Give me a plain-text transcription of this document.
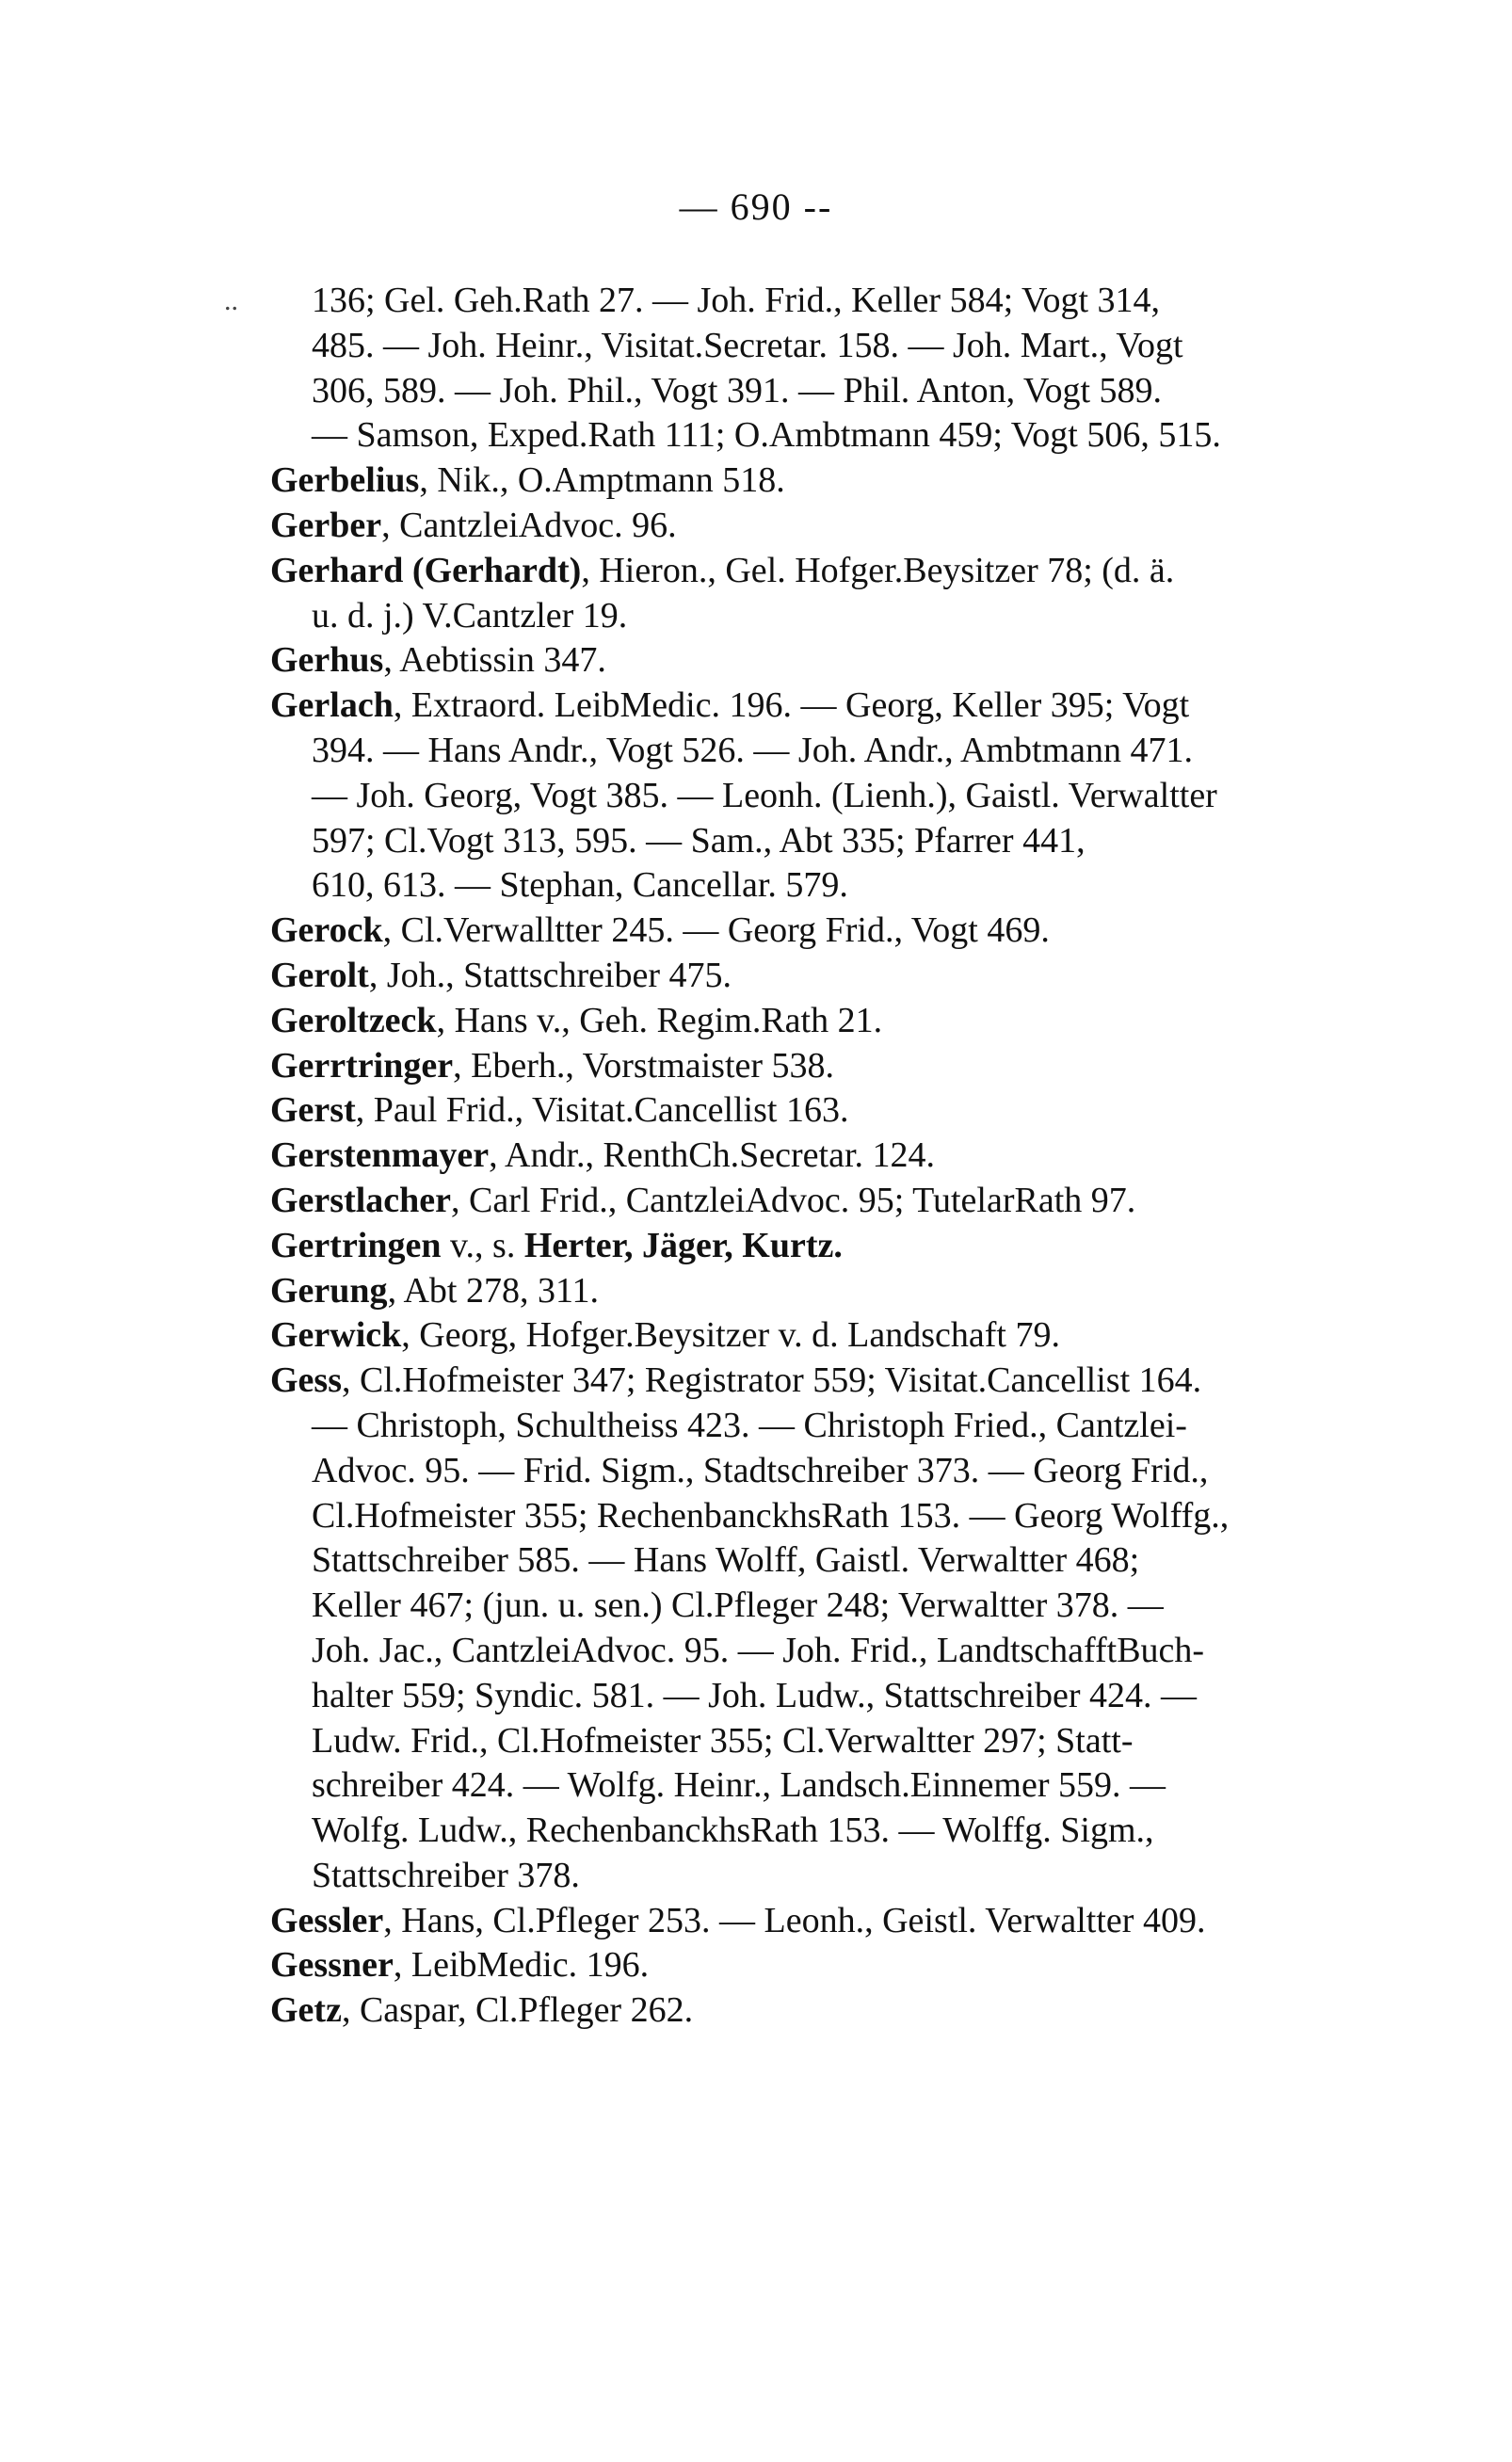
— 690 --
..	136; Gel. Geh.Rath 27. — Joh. Frid., Keller 584; Vogt 314,
485. — Joh. Heinr., Visitat.Secretar. 158. — Joh. Mart., Vogt
306, 589. — Joh. Phil., Vogt 391. — Phil. Anton, Vogt 589.
— Samson, Exped.Rath 111; O.Ambtmann 459; Vogt 506, 515.
Gerbelius, Nik., O.Amptmann 518.
Gerber, CantzleiAdvoc. 96.
Gerhard (Gerhardt), Hieron., Gel. Hofger.Beysitzer 78; (d. ä.
u. d. j.) V.Cantzler 19.
Gerhus, Aebtissin 347.
Gerlach, Extraord. LeibMedic. 196. — Georg, Keller 395; Vogt
394. — Hans Andr., Vogt 526. — Joh. Andr., Ambtmann 471.
— Joh. Georg, Vogt 385. — Leonh. (Lienh.), Gaistl. Verwaltter
597; Cl.Vogt 313, 595. — Sam., Abt 335; Pfarrer 441,
610, 613. — Stephan, Cancellar. 579.
Gerock, Cl.Verwalltter 245. — Georg Frid., Vogt 469.
Gerolt, Joh., Stattschreiber 475.
Geroltzeck, Hans v., Geh. Regim.Rath 21.
Gerrtringer, Eberh., Vorstmaister 538.
Gerst, Paul Frid., Visitat.Cancellist 163.
Gerstenmayer, Andr., RenthCh.Secretar. 124.
Gerstlacher, Carl Frid., CantzleiAdvoc. 95; TutelarRath 97.
Gertringen v., s. Herter, Jäger, Kurtz.
Gerung, Abt 278, 311.
Gerwick, Georg, Hofger.Beysitzer v. d. Landschaft 79.
Gess, Cl.Hofmeister 347; Registrator 559; Visitat.Cancellist 164.
— Christoph, Schultheiss 423. — Christoph Fried., Cantzlei-
Advoc. 95. — Frid. Sigm., Stadtschreiber 373. — Georg Frid.,
Cl.Hofmeister 355; RechenbanckhsRath 153. — Georg Wolffg.,
Stattschreiber 585. — Hans Wolff, Gaistl. Verwaltter 468;
Keller 467; (jun. u. sen.) Cl.Pfleger 248; Verwaltter 378. —
Joh. Jac., CantzleiAdvoc. 95. — Joh. Frid., LandtschafftBuch-
halter 559; Syndic. 581. — Joh. Ludw., Stattschreiber 424. —
Ludw. Frid., Cl.Hofmeister 355; Cl.Verwaltter 297; Statt-
schreiber 424. — Wolfg. Heinr., Landsch.Einnemer 559. —
Wolfg. Ludw., RechenbanckhsRath 153. — Wolffg. Sigm.,
Stattschreiber 378.
Gessler, Hans, Cl.Pfleger 253. — Leonh., Geistl. Verwaltter 409.
Gessner, LeibMedic. 196.
Getz, Caspar, Cl.Pfleger 262.
